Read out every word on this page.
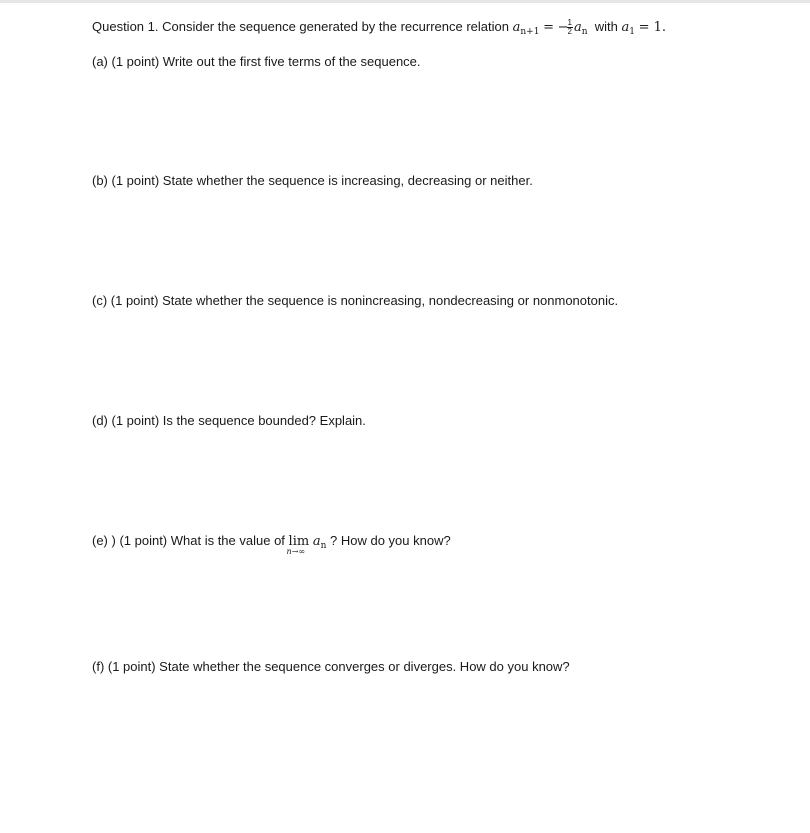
Question 1. Consider the sequence generated by the recurrence relation $a_{n+1}$ = −
$\frac{1}{2} a_n$ with $a_1 = 1$.
(a) (1 point) Write out the first five terms of the sequence.
(b) (1 point) State whether the sequence is increasing, decreasing or neither.
(c) (1 point) State whether the sequence is nonincreasing, nondecreasing or nonmonotonic.
(d) (1 point) Is the sequence bounded? Explain.
(e) ) (1 point) What is the value of lim
n→∞
$a_n$ ? How do you know?
(f) (1 point) State whether the sequence converges or diverges. How do you know?
